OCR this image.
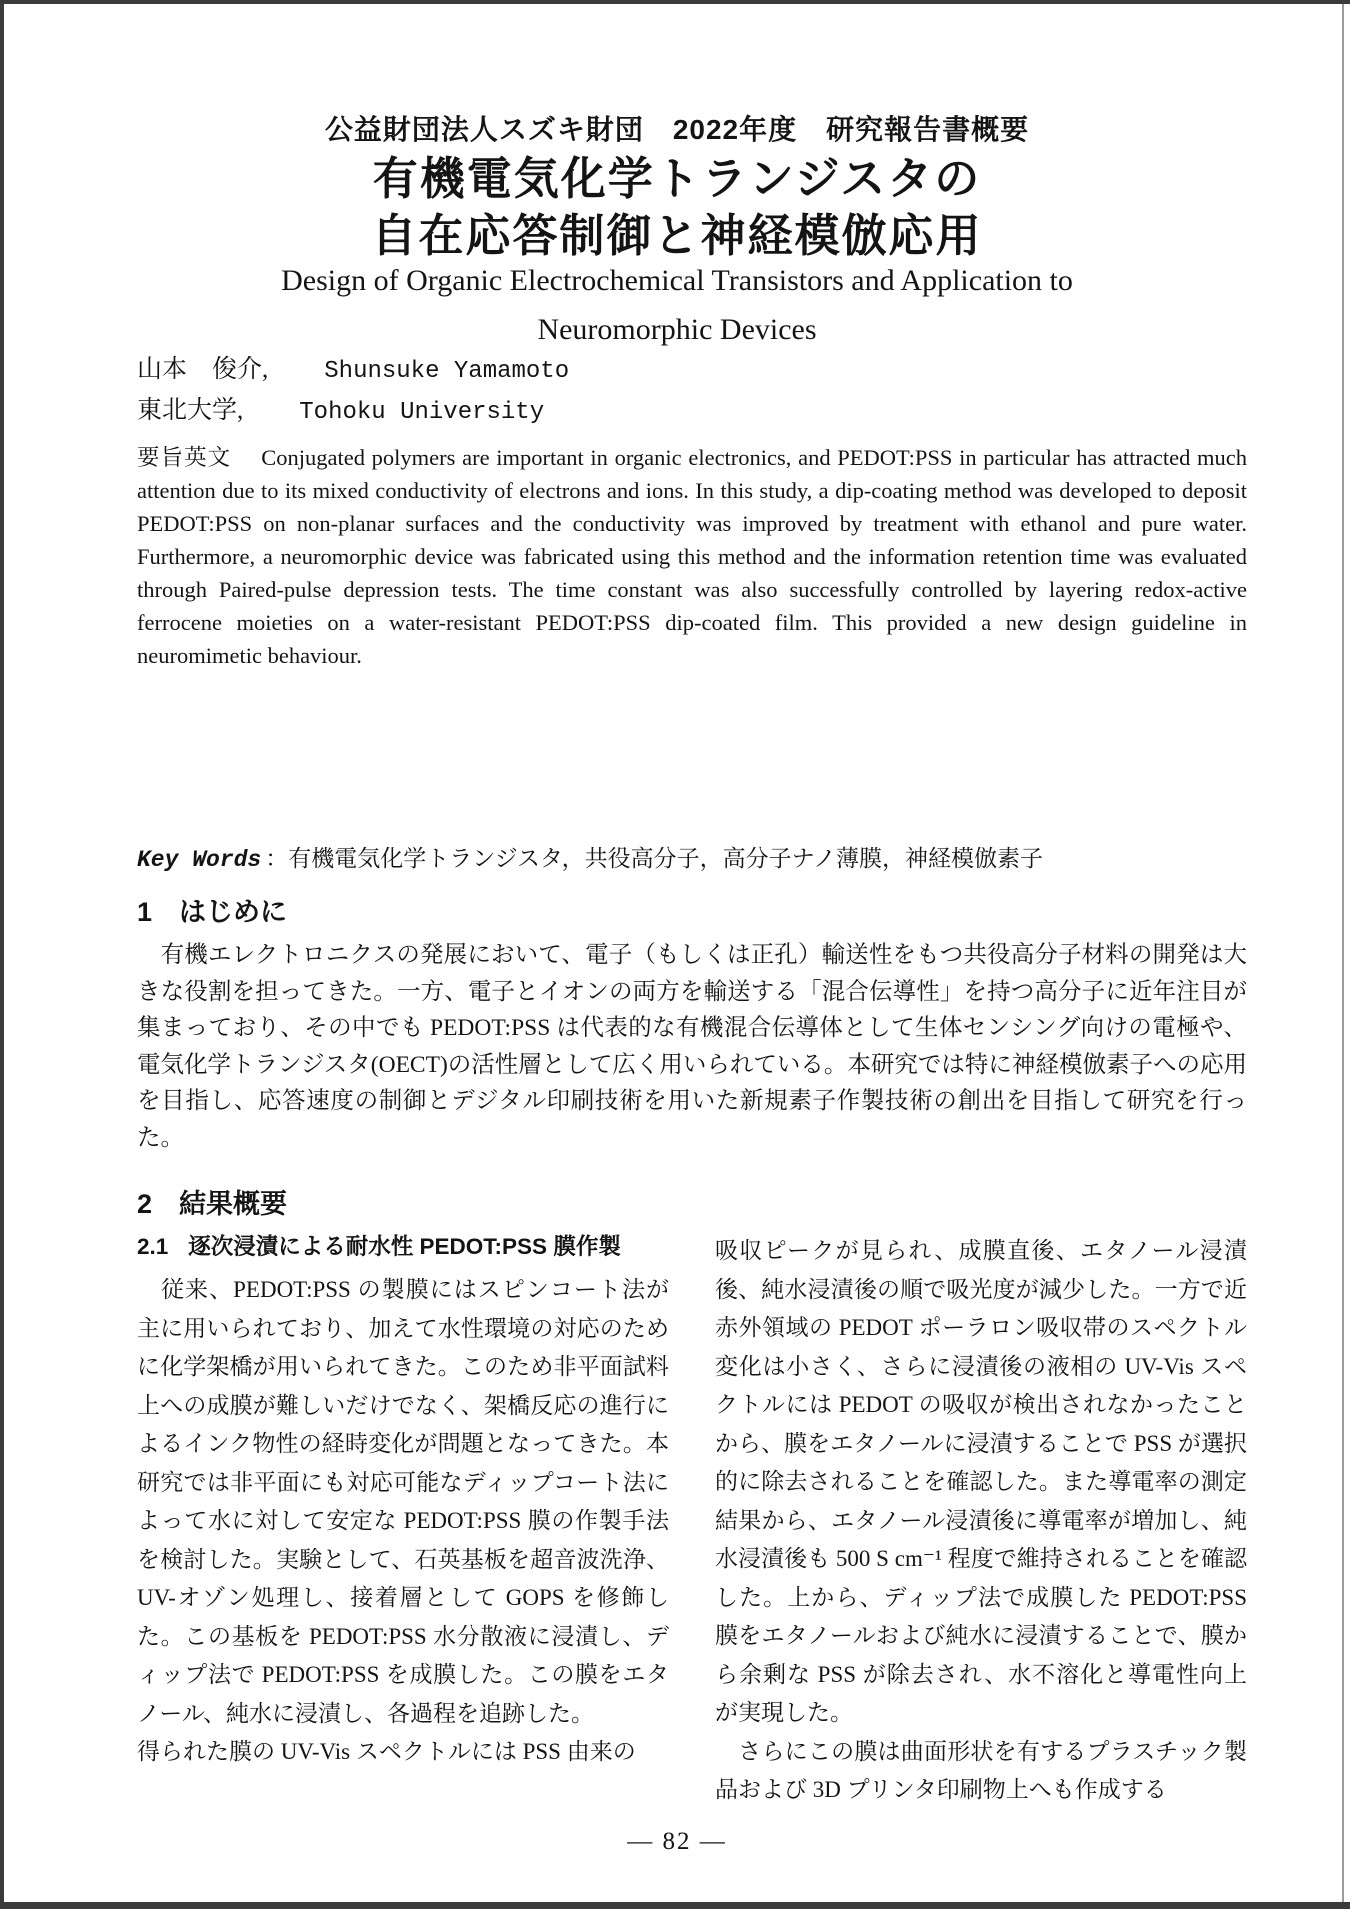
公益財団法人スズキ財団　2022年度　研究報告書概要
有機電気化学トランジスタの
自在応答制御と神経模倣応用
Design of Organic Electrochemical Transistors and Application to
Neuromorphic Devices
山本　俊介, Shunsuke Yamamoto
東北大学, Tohoku University

要旨英文 Conjugated polymers are important in organic electronics, and PEDOT:PSS in particular has attracted much attention due to its mixed conductivity of electrons and ions. In this study, a dip-coating method was developed to deposit PEDOT:PSS on non-planar surfaces and the conductivity was improved by treatment with ethanol and pure water. Furthermore, a neuromorphic device was fabricated using this method and the information retention time was evaluated through Paired-pulse depression tests. The time constant was also successfully controlled by layering redox-active ferrocene moieties on a water-resistant PEDOT:PSS dip-coated film. This provided a new design guideline in neuromimetic behaviour.

Key Words ：有機電気化学トランジスタ，共役高分子，高分子ナノ薄膜，神経模倣素子

1 はじめに

　有機エレクトロニクスの発展において、電子（もしくは正孔）輸送性をもつ共役高分子材料の開発は大きな役割を担ってきた。一方、電子とイオンの両方を輸送する「混合伝導性」を持つ高分子に近年注目が集まっており、その中でも PEDOT:PSS は代表的な有機混合伝導体として生体センシング向けの電極や、電気化学トランジスタ(OECT)の活性層として広く用いられている。本研究では特に神経模倣素子への応用を目指し、応答速度の制御とデジタル印刷技術を用いた新規素子作製技術の創出を目指して研究を行った。

2 結果概要
2.1 逐次浸漬による耐水性 PEDOT:PSS 膜作製

　従来、PEDOT:PSS の製膜にはスピンコート法が主に用いられており、加えて水性環境の対応のために化学架橋が用いられてきた。このため非平面試料上への成膜が難しいだけでなく、架橋反応の進行によるインク物性の経時変化が問題となってきた。本研究では非平面にも対応可能なディップコート法によって水に対して安定な PEDOT:PSS 膜の作製手法を検討した。実験として、石英基板を超音波洗浄、UV-オゾン処理し、接着層として GOPS を修飾した。この基板を PEDOT:PSS 水分散液に浸漬し、ディップ法で PEDOT:PSS を成膜した。この膜をエタノール、純水に浸漬し、各過程を追跡した。

得られた膜の UV-Vis スペクトルには PSS 由来の

吸収ピークが見られ、成膜直後、エタノール浸漬後、純水浸漬後の順で吸光度が減少した。一方で近赤外領域の PEDOT ポーラロン吸収帯のスペクトル変化は小さく、さらに浸漬後の液相の UV-Vis スペクトルには PEDOT の吸収が検出されなかったことから、膜をエタノールに浸漬することで PSS が選択的に除去されることを確認した。また導電率の測定結果から、エタノール浸漬後に導電率が増加し、純水浸漬後も 500 S cm⁻¹ 程度で維持されることを確認した。上から、ディップ法で成膜した PEDOT:PSS 膜をエタノールおよび純水に浸漬することで、膜から余剰な PSS が除去され、水不溶化と導電性向上が実現した。

　さらにこの膜は曲面形状を有するプラスチック製品および 3D プリンタ印刷物上へも作成する

— 82 —
